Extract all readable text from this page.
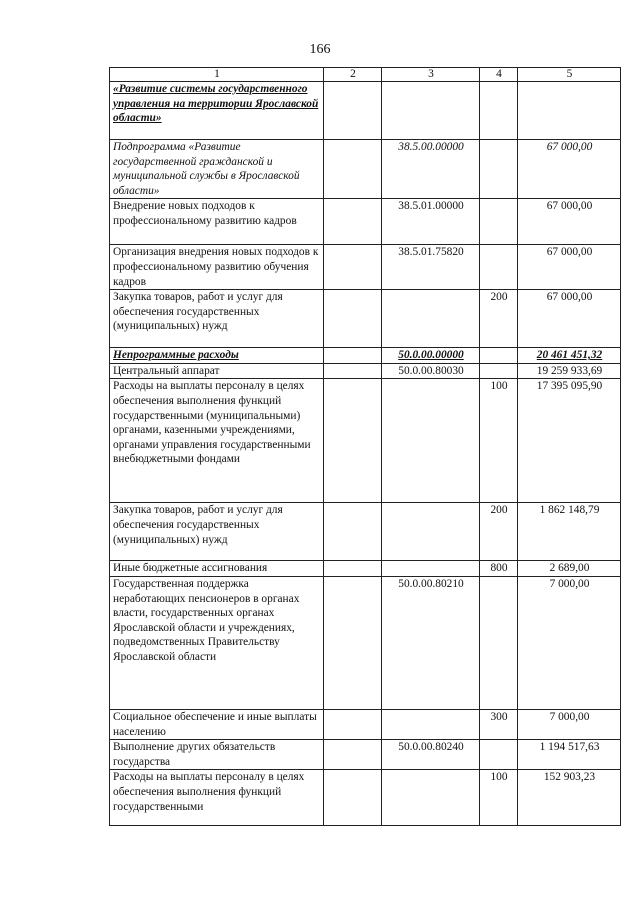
166
1	2	3	4	5
«Развитие системы государственного управления на территории Ярославской области»				
Подпрограмма «Развитие государственной гражданской и муниципальной службы в Ярославской области»		38.5.00.00000		67 000,00
Внедрение новых подходов к профессиональному развитию кадров		38.5.01.00000		67 000,00
Организация внедрения новых подходов к профессиональному развитию обучения кадров		38.5.01.75820		67 000,00
Закупка товаров, работ и услуг для обеспечения государственных (муниципальных) нужд			200	67 000,00
Непрограммные расходы		50.0.00.00000		20 461 451,32
Центральный аппарат		50.0.00.80030		19 259 933,69
Расходы на выплаты персоналу в целях обеспечения выполнения функций государственными (муниципальными) органами, казенными учреждениями, органами управления государственными внебюджетными фондами			100	17 395 095,90
Закупка товаров, работ и услуг для обеспечения государственных (муниципальных) нужд			200	1 862 148,79
Иные бюджетные ассигнования			800	2 689,00
Государственная поддержка неработающих пенсионеров в органах власти, государственных органах Ярославской области и учреждениях, подведомственных Правительству Ярославской области		50.0.00.80210		7 000,00
Социальное обеспечение и иные выплаты населению			300	7 000,00
Выполнение других обязательств государства		50.0.00.80240		1 194 517,63
Расходы на выплаты персоналу в целях обеспечения выполнения функций государственными			100	152 903,23
